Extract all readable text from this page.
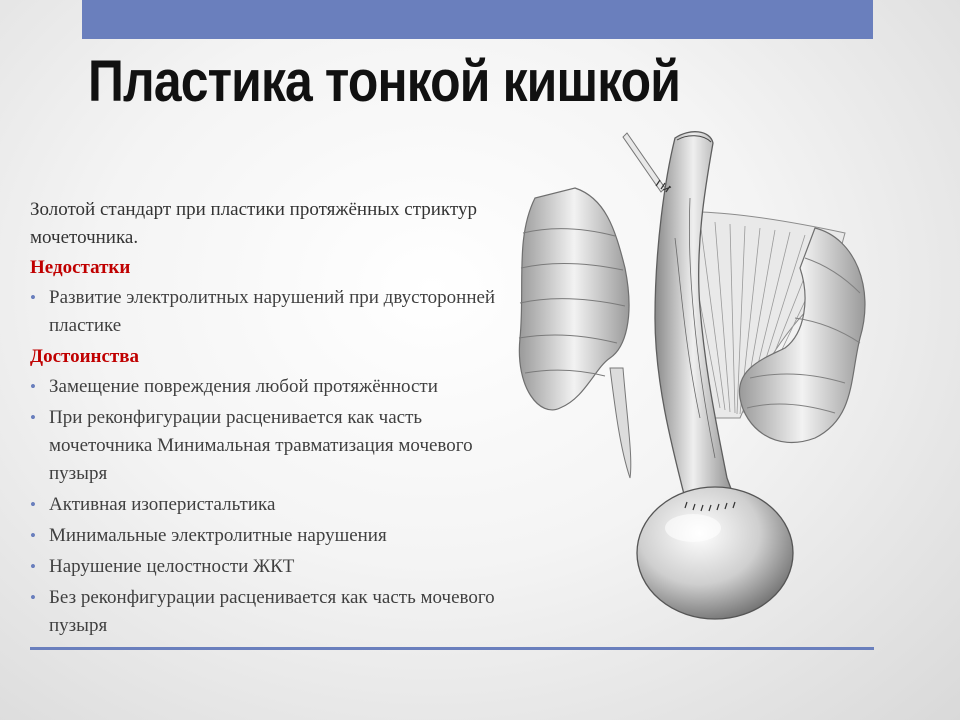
Пластика тонкой кишкой

Золотой стандарт при пластики протяжённых стриктур мочеточника.

Недостатки
• Развитие электролитных нарушений при двусторонней пластике
Достоинства
• Замещение повреждения любой протяжённости
• При реконфигурации расценивается как часть мочеточника Минимальная травматизация мочевого пузыря
• Активная изоперистальтика
• Минимальные электролитные нарушения
• Нарушение целостности ЖКТ
• Без реконфигурации расценивается как часть мочевого пузыря
